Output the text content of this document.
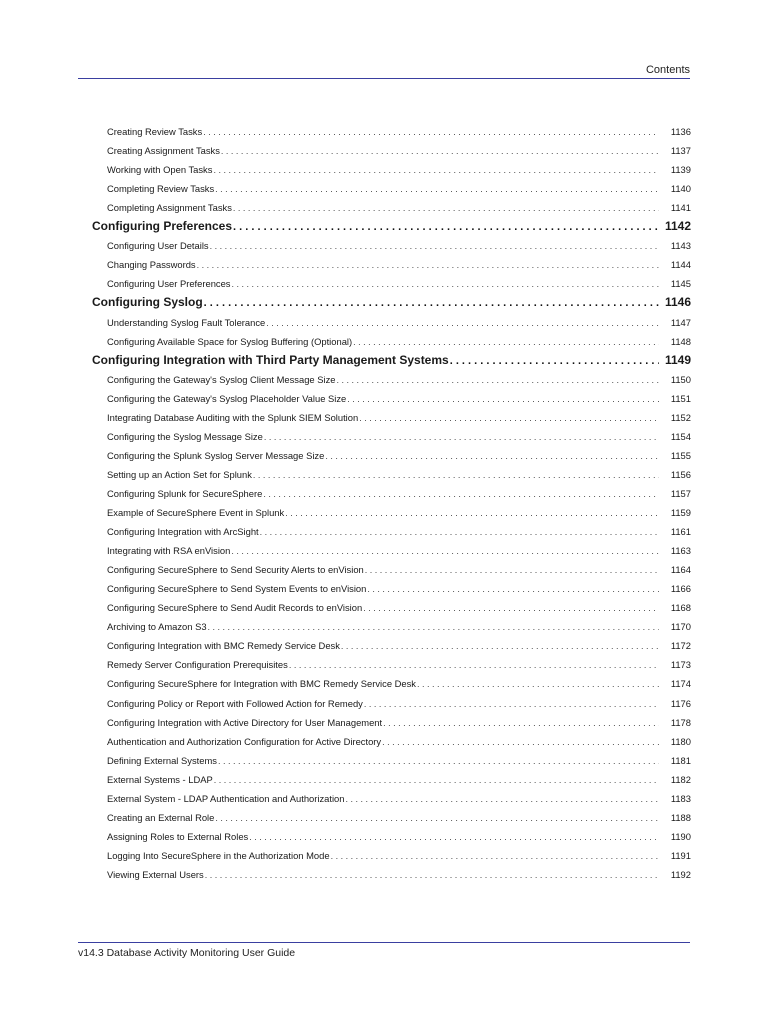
Contents
Creating Review Tasks . . .	1136
Creating Assignment Tasks . . .	1137
Working with Open Tasks . . .	1139
Completing Review Tasks . . .	1140
Completing Assignment Tasks . . .	1141
Configuring Preferences . . .	1142
Configuring User Details . . .	1143
Changing Passwords . . .	1144
Configuring User Preferences . . .	1145
Configuring Syslog . . .	1146
Understanding Syslog Fault Tolerance . . .	1147
Configuring Available Space for Syslog Buffering (Optional) . . .	1148
Configuring Integration with Third Party Management Systems . . .	1149
Configuring the Gateway's Syslog Client Message Size . . .	1150
Configuring the Gateway's Syslog Placeholder Value Size . . .	1151
Integrating Database Auditing with the Splunk SIEM Solution . . .	1152
Configuring the Syslog Message Size . . .	1154
Configuring the Splunk Syslog Server Message Size . . .	1155
Setting up an Action Set for Splunk . . .	1156
Configuring Splunk for SecureSphere . . .	1157
Example of SecureSphere Event in Splunk . . .	1159
Configuring Integration with ArcSight . . .	1161
Integrating with RSA enVision . . .	1163
Configuring SecureSphere to Send Security Alerts to enVision . . .	1164
Configuring SecureSphere to Send System Events to enVision . . .	1166
Configuring SecureSphere to Send Audit Records to enVision . . .	1168
Archiving to Amazon S3 . . .	1170
Configuring Integration with BMC Remedy Service Desk . . .	1172
Remedy Server Configuration Prerequisites . . .	1173
Configuring SecureSphere for Integration with BMC Remedy Service Desk . . .	1174
Configuring Policy or Report with Followed Action for Remedy . . .	1176
Configuring Integration with Active Directory for User Management . . .	1178
Authentication and Authorization Configuration for Active Directory . . .	1180
Defining External Systems . . .	1181
External Systems - LDAP . . .	1182
External System - LDAP Authentication and Authorization . . .	1183
Creating an External Role . . .	1188
Assigning Roles to External Roles . . .	1190
Logging Into SecureSphere in the Authorization Mode . . .	1191
Viewing External Users . . .	1192
v14.3 Database Activity Monitoring User Guide
